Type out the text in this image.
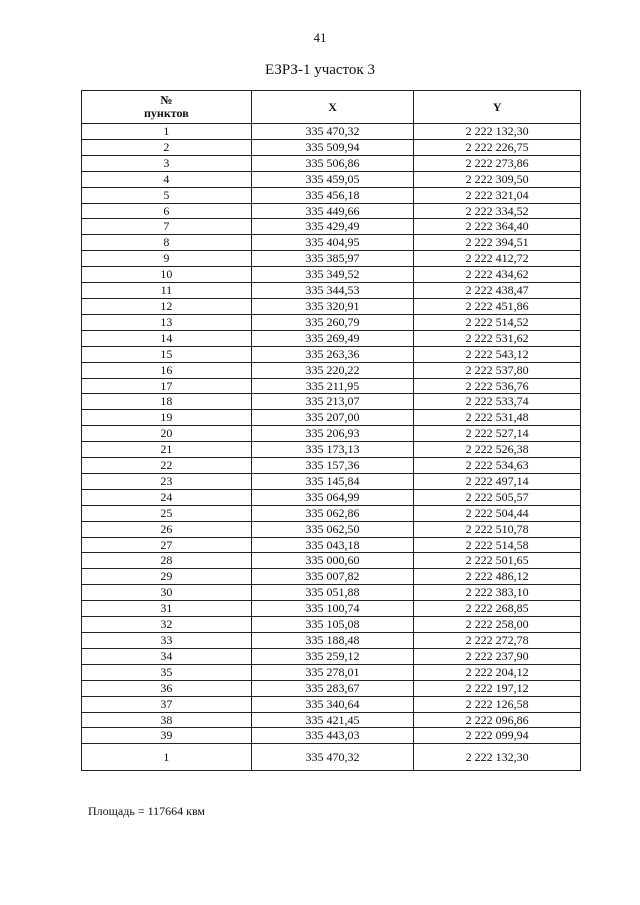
41
ЕЗРЗ-1 участок 3
№
пунктов	X	Y
1	335 470,32	2 222 132,30
2	335 509,94	2 222 226,75
3	335 506,86	2 222 273,86
4	335 459,05	2 222 309,50
5	335 456,18	2 222 321,04
6	335 449,66	2 222 334,52
7	335 429,49	2 222 364,40
8	335 404,95	2 222 394,51
9	335 385,97	2 222 412,72
10	335 349,52	2 222 434,62
11	335 344,53	2 222 438,47
12	335 320,91	2 222 451,86
13	335 260,79	2 222 514,52
14	335 269,49	2 222 531,62
15	335 263,36	2 222 543,12
16	335 220,22	2 222 537,80
17	335 211,95	2 222 536,76
18	335 213,07	2 222 533,74
19	335 207,00	2 222 531,48
20	335 206,93	2 222 527,14
21	335 173,13	2 222 526,38
22	335 157,36	2 222 534,63
23	335 145,84	2 222 497,14
24	335 064,99	2 222 505,57
25	335 062,86	2 222 504,44
26	335 062,50	2 222 510,78
27	335 043,18	2 222 514,58
28	335 000,60	2 222 501,65
29	335 007,82	2 222 486,12
30	335 051,88	2 222 383,10
31	335 100,74	2 222 268,85
32	335 105,08	2 222 258,00
33	335 188,48	2 222 272,78
34	335 259,12	2 222 237,90
35	335 278,01	2 222 204,12
36	335 283,67	2 222 197,12
37	335 340,64	2 222 126,58
38	335 421,45	2 222 096,86
39	335 443,03	2 222 099,94
1	335 470,32	2 222 132,30
Площадь = 117664 квм
